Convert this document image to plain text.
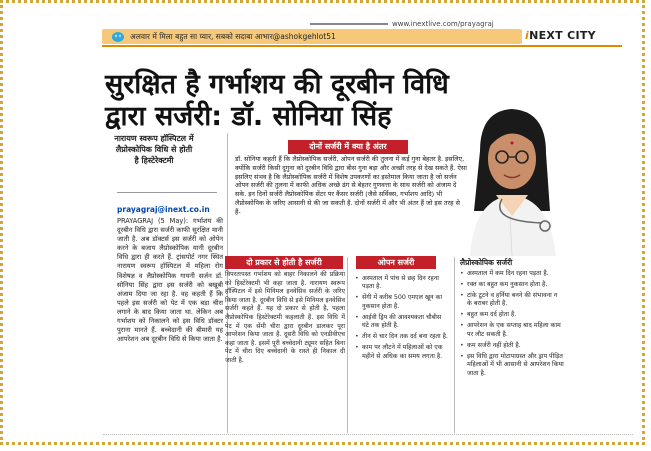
www.inextlive.com/prayagraj
अलवार में मिला बहुत सा प्यार, सबको सदाबा आभार@ashokgehlot51	iNEXT CITY
सुरक्षित है गर्भाशय की दूरबीन विधि
द्वारा सर्जरी: डॉ. सोनिया सिंह
नारायण स्वरूप हॉस्पिटल में लैप्रोस्कोपिक विधि से होती है हिस्टेरेक्टमी
prayagraj@inext.co.in
PRAYAGRAJ (5 May): गर्भाशय की दूरबीन विधि द्वारा सर्जरी काफी सुरक्षित मानी जाती है. अब डॉक्टर्स इस सर्जरी को ओपेन करने के बजाय लैप्रोस्कोपिक यानी दूरबीन विधि द्वारा ही करते हैं. ट्रांसपोर्ट नगर स्थित नारायण स्वरूप हॉस्पिटल में महिला रोग विशेषज्ञ व लैप्रोस्कोपिक गायनी सर्जन डॉ. सोनिया सिंह द्वारा इस सर्जरी को बखूबी अंजाम दिया जा रहा है. वह कहती हैं कि पहले इस सर्जरी को पेट में एक बड़ा चीरा लगाने के बाद किया जाता था. लेकिन अब गर्भाशय को निकालने को इस विधि डॉक्टर पुराना मानते हैं. बच्चेदानी की बीमारी यह आपरेशन अब दूरबीन विधि से किया जाता है.
दोनों सर्जरी में क्या है अंतर
डॉ. सोनिया कहती हैं कि लैप्रोस्कोपिक सर्जरी, ओपन सर्जरी की तुलना में कई गुना बेहतर है. इसलिए, क्योंकि सर्जरी किसी दुगुना को दूरबीन विधि द्वारा बीस गुना बड़ा और अच्छी तरह से देख सकते हैं. ऐसा इसलिए संभव है कि लैप्रोस्कोपिक सर्जरी में विशेष उपकरणों का इस्तेमाल किया जाता है जो सर्जन ओपन सर्जरी की तुलना में काफी अधिक अच्छे ढंग से बेहतर गुणवत्ता के साथ सर्जरी को अंजाम दे सके. इन दिनों सर्जरी लैप्रोस्कोपिक सेंटर पर कैंसर सर्जरी (जैसे सर्विक्स, गर्भाशय आदि) भी लैप्रोस्कोपिक के जरिए आसानी से की जा सकती है. दोनों सर्जरी में और भी अंतर हैं जो इस तरह से हैं-
दो प्रकार से होती है सर्जरी
विपरतःपस्त गर्भाशय को बाहर निकालने की प्रक्रिया को हिस्टेरेक्टमी भी कहा जाता है. नारायण स्वरूप हॉस्पिटल में इसे मिनिमल इनवेसिव सर्जरी के जरिए किया जाता है. दूरबीन विधि से इसे मिनिमल इनवेसिव सर्जरी कहते हैं. यह दो प्रकार से होती है, पहला लैप्रोस्कोपिक हिस्टेरेक्टमी कहलाती है. इस विधि में पेट में एक सेंमी चीरा द्वारा दूरबीन डालकर पूरा आपरेशन किया जाता है. दूसरी विधि को एनडीवीएच कहा जाता है. इसमें पूरी बच्चेदानी ट्यूमर सहित बिना पेट में चीरा दिए बच्चेदानी के रास्ते ही निकाल दी जाती है.
ओपन सर्जरी
• अस्पताल में पांच से छह दिन रहना पड़ता है.
• सेंगी में करीब 500 एमएल खून का नुकसान होता है.
• आईवी ड्रिप की आवश्यकता चौबीस घंटे तक होती है.
• तीन से चार दिन तक दर्द बना रहता है.
• काम पर लौटने में महिलाओं को एक महीने से अधिक का समय लगता है.
लैप्रोस्कोपिक सर्जरी
• अस्पताल में कम दिन रहना पड़ता है.
• रक्त का बहुत कम नुकसान होता है.
• टांके टूटने व हर्निया बनने की संभावना न के बराबर होती है.
• बहुत कम दर्द होता है.
• आपरेशन के एक सप्ताह बाद महिला काम पर लौट सकती है.
• कम सर्जरी नहीं होती है.
• इस विधि द्वारा मोटापाग्रस्त और ड्राप पीड़ित महिलाओं में भी आसानी से आपरेशन किया जाता है.
